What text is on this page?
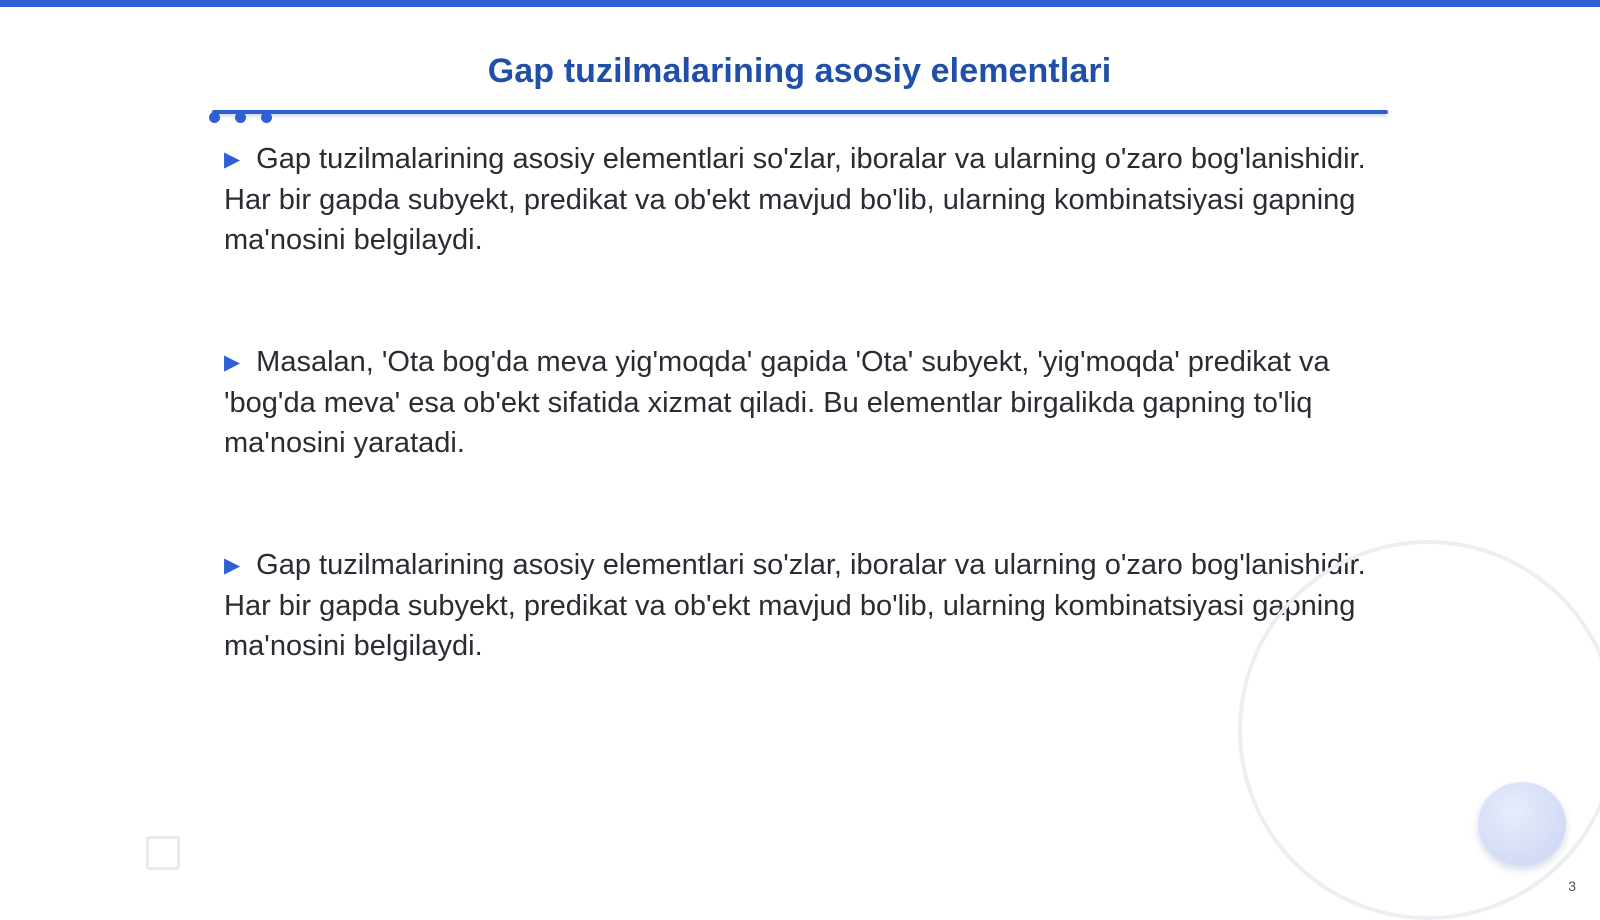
Gap tuzilmalarining asosiy elementlari

▶ Gap tuzilmalarining asosiy elementlari so'zlar, iboralar va ularning o'zaro bog'lanishidir. Har bir gapda subyekt, predikat va ob'ekt mavjud bo'lib, ularning kombinatsiyasi gapning ma'nosini belgilaydi.

▶ Masalan, 'Ota bog'da meva yig'moqda' gapida 'Ota' subyekt, 'yig'moqda' predikat va 'bog'da meva' esa ob'ekt sifatida xizmat qiladi. Bu elementlar birgalikda gapning to'liq ma'nosini yaratadi.

▶ Gap tuzilmalarining asosiy elementlari so'zlar, iboralar va ularning o'zaro bog'lanishidir. Har bir gapda subyekt, predikat va ob'ekt mavjud bo'lib, ularning kombinatsiyasi gapning ma'nosini belgilaydi.

3
